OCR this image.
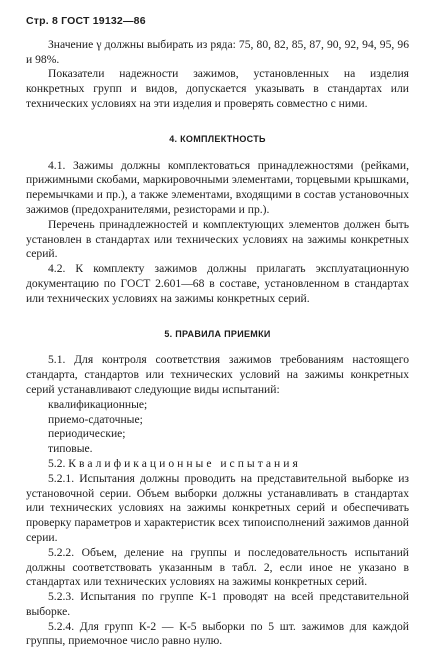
Стр. 8 ГОСТ 19132—86

Значение γ должны выбирать из ряда: 75, 80, 82, 85, 87, 90, 92, 94, 95, 96 и 98%.

Показатели надежности зажимов, установленных на изделия конкретных групп и видов, допускается указывать в стандартах или технических условиях на эти изделия и проверять совместно с ними.

4. КОМПЛЕКТНОСТЬ

4.1. Зажимы должны комплектоваться принадлежностями (рейками, прижимными скобами, маркировочными элементами, торцевыми крышками, перемычками и пр.), а также элементами, входящими в состав установочных зажимов (предохранителями, резисторами и пр.).

Перечень принадлежностей и комплектующих элементов должен быть установлен в стандартах или технических условиях на зажимы конкретных серий.

4.2. К комплекту зажимов должны прилагать эксплуатационную документацию по ГОСТ 2.601—68 в составе, установленном в стандартах или технических условиях на зажимы конкретных серий.

5. ПРАВИЛА ПРИЕМКИ

5.1. Для контроля соответствия зажимов требованиям настоящего стандарта, стандартов или технических условий на зажимы конкретных серий устанавливают следующие виды испытаний:

квалификационные;

приемо-сдаточные;

периодические;

типовые.

5.2. Квалификационные испытания

5.2.1. Испытания должны проводить на представительной выборке из установочной серии. Объем выборки должны устанавливать в стандартах или технических условиях на зажимы конкретных серий и обеспечивать проверку параметров и характеристик всех типоисполнений зажимов данной серии.

5.2.2. Объем, деление на группы и последовательность испытаний должны соответствовать указанным в табл. 2, если иное не указано в стандартах или технических условиях на зажимы конкретных серий.

5.2.3. Испытания по группе К-1 проводят на всей представительной выборке.

5.2.4. Для групп К-2 — К-5 выборки по 5 шт. зажимов для каждой группы, приемочное число равно нулю.
